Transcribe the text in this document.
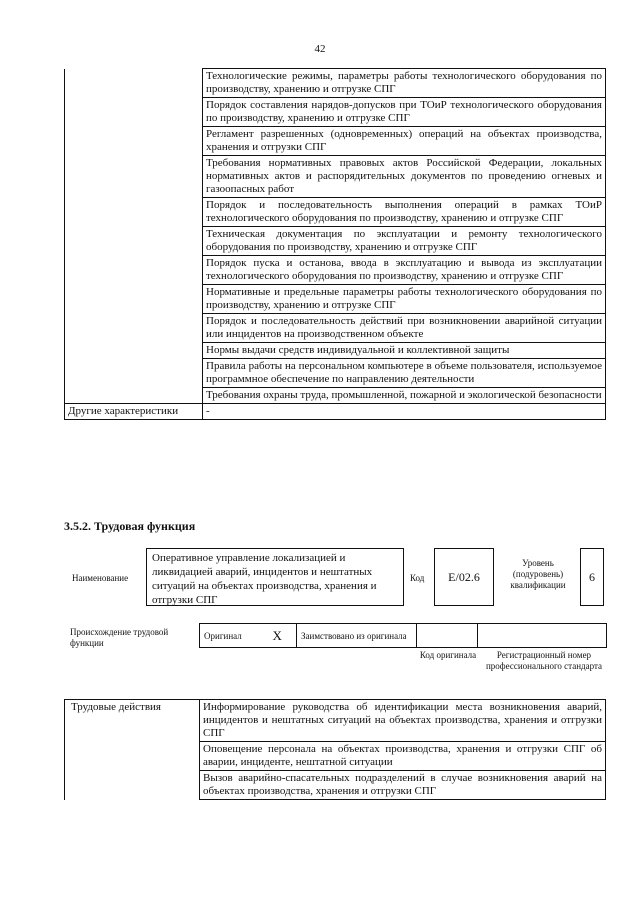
42
	Технологические режимы, параметры работы технологического оборудования по производству, хранению и отгрузке СПГ
	Порядок составления нарядов-допусков при ТОиР технологического оборудования по производству, хранению и отгрузке СПГ
	Регламент разрешенных (одновременных) операций на объектах производства, хранения и отгрузки СПГ
	Требования нормативных правовых актов Российской Федерации, локальных нормативных актов и распорядительных документов по проведению огневых и газоопасных работ
	Порядок и последовательность выполнения операций в рамках ТОиР технологического оборудования по производству, хранению и отгрузке СПГ
	Техническая документация по эксплуатации и ремонту технологического оборудования по производству, хранению и отгрузке СПГ
	Порядок пуска и останова, ввода в эксплуатацию и вывода из эксплуатации технологического оборудования по производству, хранению и отгрузке СПГ
	Нормативные и предельные параметры работы технологического оборудования по производству, хранению и отгрузке СПГ
	Порядок и последовательность действий при возникновении аварийной ситуации или инцидентов на производственном объекте
	Нормы выдачи средств индивидуальной и коллективной защиты
	Правила работы на персональном компьютере в объеме пользователя, используемое программное обеспечение по направлению деятельности
	Требования охраны труда, промышленной, пожарной и экологической безопасности
Другие характеристики	-
3.5.2. Трудовая функция
Наименование
Оперативное управление локализацией и ликвидацией аварий, инцидентов и нештатных ситуаций на объектах производства, хранения и отгрузки СПГ
Код	E/02.6
Уровень (подуровень) квалификации
6
Происхождение трудовой функции
Оригинал	X	Заимствовано из оригинала		
Код оригинала	Регистрационный номер профессионального стандарта
Трудовые действия	Информирование руководства об идентификации места возникновения аварий, инцидентов и нештатных ситуаций на объектах производства, хранения и отгрузки СПГ
Оповещение персонала на объектах производства, хранения и отгрузки СПГ об аварии, инциденте, нештатной ситуации
Вызов аварийно-спасательных подразделений в случае возникновения аварий на объектах производства, хранения и отгрузки СПГ
